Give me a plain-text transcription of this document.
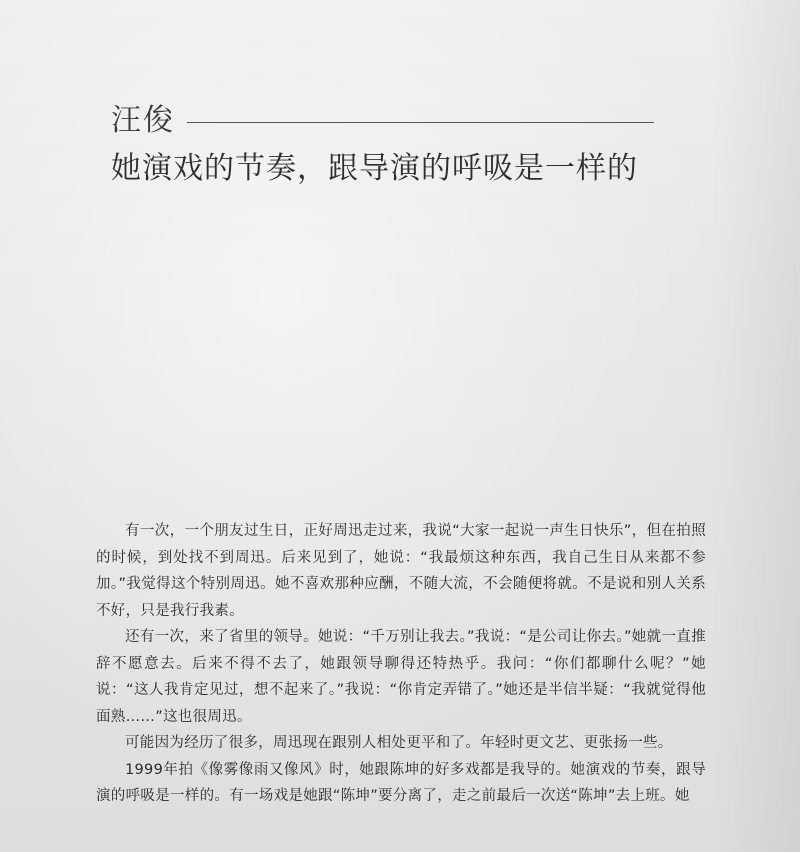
汪俊
她演戏的节奏，跟导演的呼吸是一样的

有一次，一个朋友过生日，正好周迅走过来，我说“大家一起说一声生日快乐”，但在拍照的时候，到处找不到周迅。后来见到了，她说：“我最烦这种东西，我自己生日从来都不参加。”我觉得这个特别周迅。她不喜欢那种应酬，不随大流，不会随便将就。不是说和别人关系不好，只是我行我素。

还有一次，来了省里的领导。她说：“千万别让我去。”我说：“是公司让你去。”她就一直推辞不愿意去。后来不得不去了，她跟领导聊得还特热乎。我问：“你们都聊什么呢？”她说：“这人我肯定见过，想不起来了。”我说：“你肯定弄错了。”她还是半信半疑：“我就觉得他面熟……”这也很周迅。

可能因为经历了很多，周迅现在跟别人相处更平和了。年轻时更文艺、更张扬一些。

1999年拍《像雾像雨又像风》时，她跟陈坤的好多戏都是我导的。她演戏的节奏，跟导演的呼吸是一样的。有一场戏是她跟“陈坤”要分离了，走之前最后一次送“陈坤”去上班。她
